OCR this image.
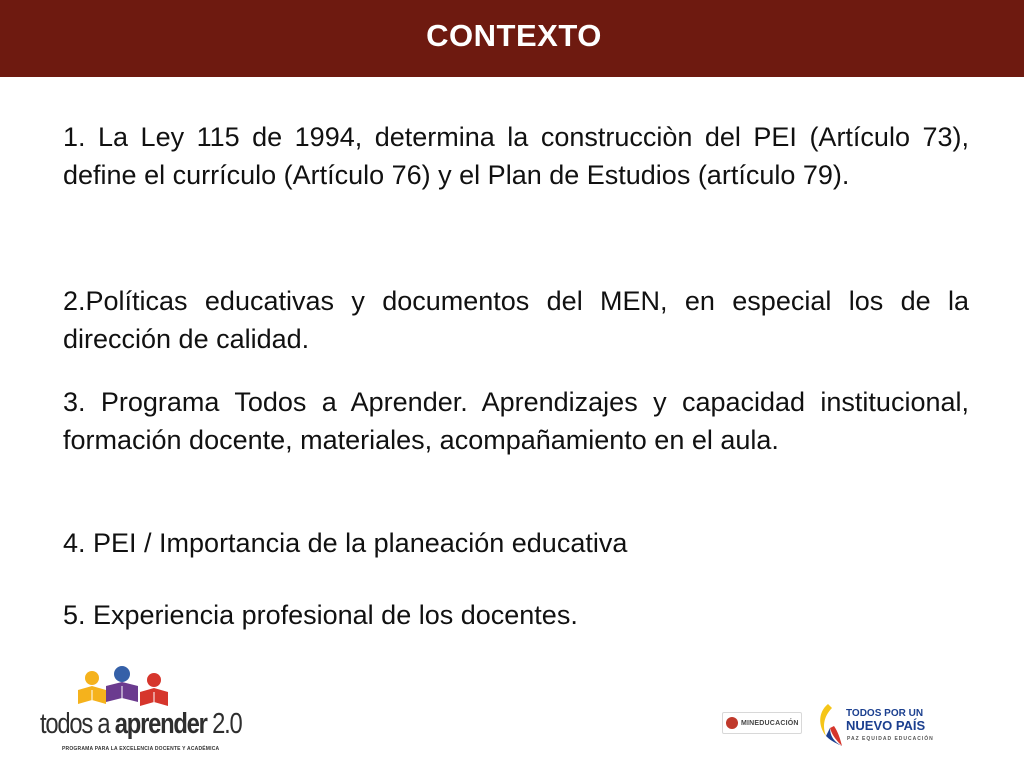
CONTEXTO

1. La Ley 115 de 1994, determina la construcciòn del PEI (Artículo 73), define el currículo (Artículo 76) y el Plan de Estudios (artículo 79).

2.Políticas educativas y documentos del MEN, en especial los de la dirección de calidad.

3. Programa Todos a Aprender. Aprendizajes y capacidad institucional, formación docente, materiales, acompañamiento en el aula.

4. PEI / Importancia de la planeación educativa

5. Experiencia profesional de los docentes.

todos a aprender 2.0
PROGRAMA PARA LA EXCELENCIA DOCENTE Y ACADÉMICA
MINEDUCACIÓN
TODOS POR UN
NUEVO PAÍS
PAZ EQUIDAD EDUCACIÓN
